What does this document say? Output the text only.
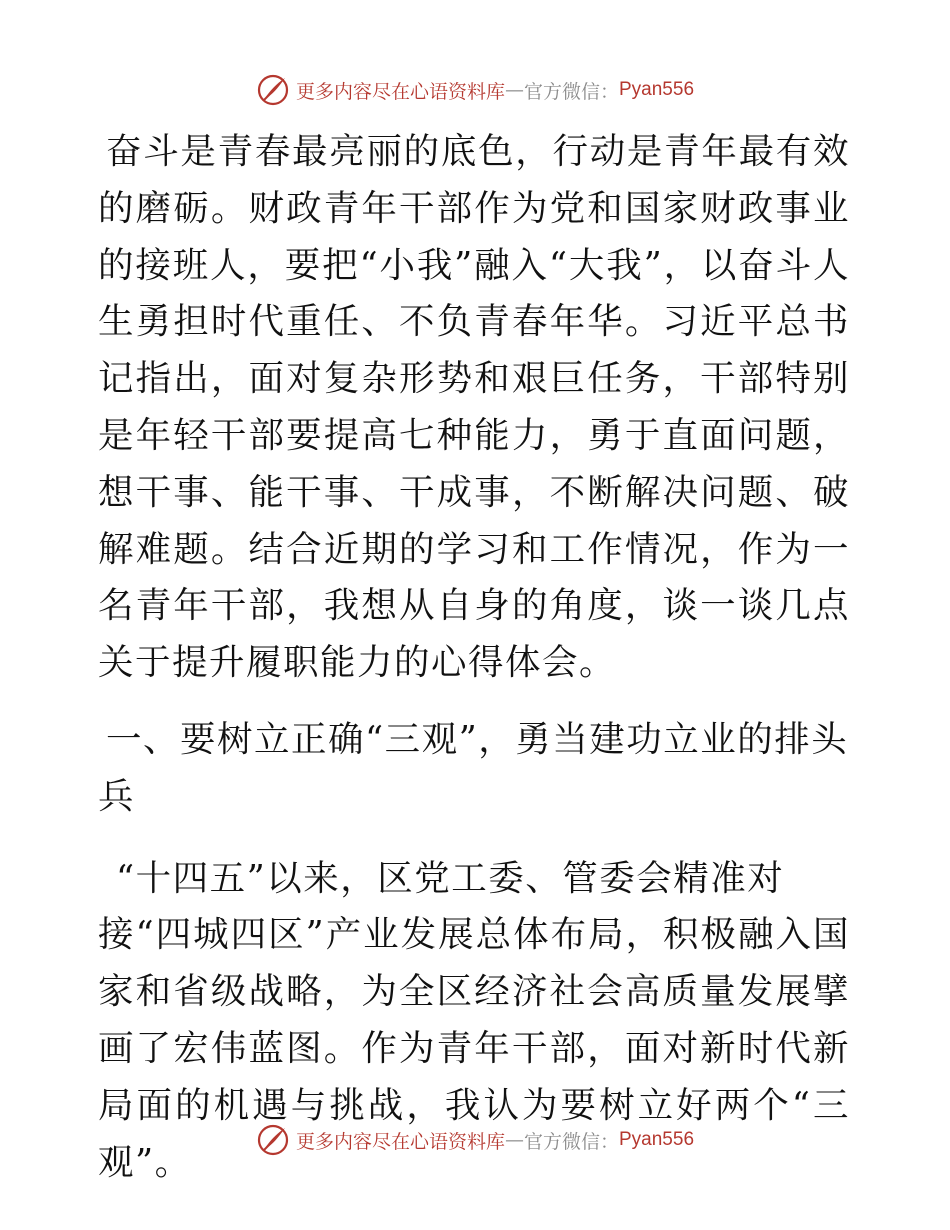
更多内容尽在心语资料库 — 官方微信： Pyan556

奋斗是青春最亮丽的底色，行动是青年最有效的磨砺。财政青年干部作为党和国家财政事业的接班人，要把“小我”融入“大我”，以奋斗人生勇担时代重任、不负青春年华。习近平总书记指出，面对复杂形势和艰巨任务，干部特别是年轻干部要提高七种能力，勇于直面问题，想干事、能干事、干成事，不断解决问题、破解难题。结合近期的学习和工作情况，作为一名青年干部，我想从自身的角度，谈一谈几点关于提升履职能力的心得体会。

一、要树立正确“三观”，勇当建功立业的排头兵

“十四五”以来，区党工委、管委会精准对
接“四城四区”产业发展总体布局，积极融入国家和省级战略，为全区经济社会高质量发展擘画了宏伟蓝图。作为青年干部，面对新时代新局面的机遇与挑战，我认为要树立好两个“三观”。

更多内容尽在心语资料库 — 官方微信： Pyan556
